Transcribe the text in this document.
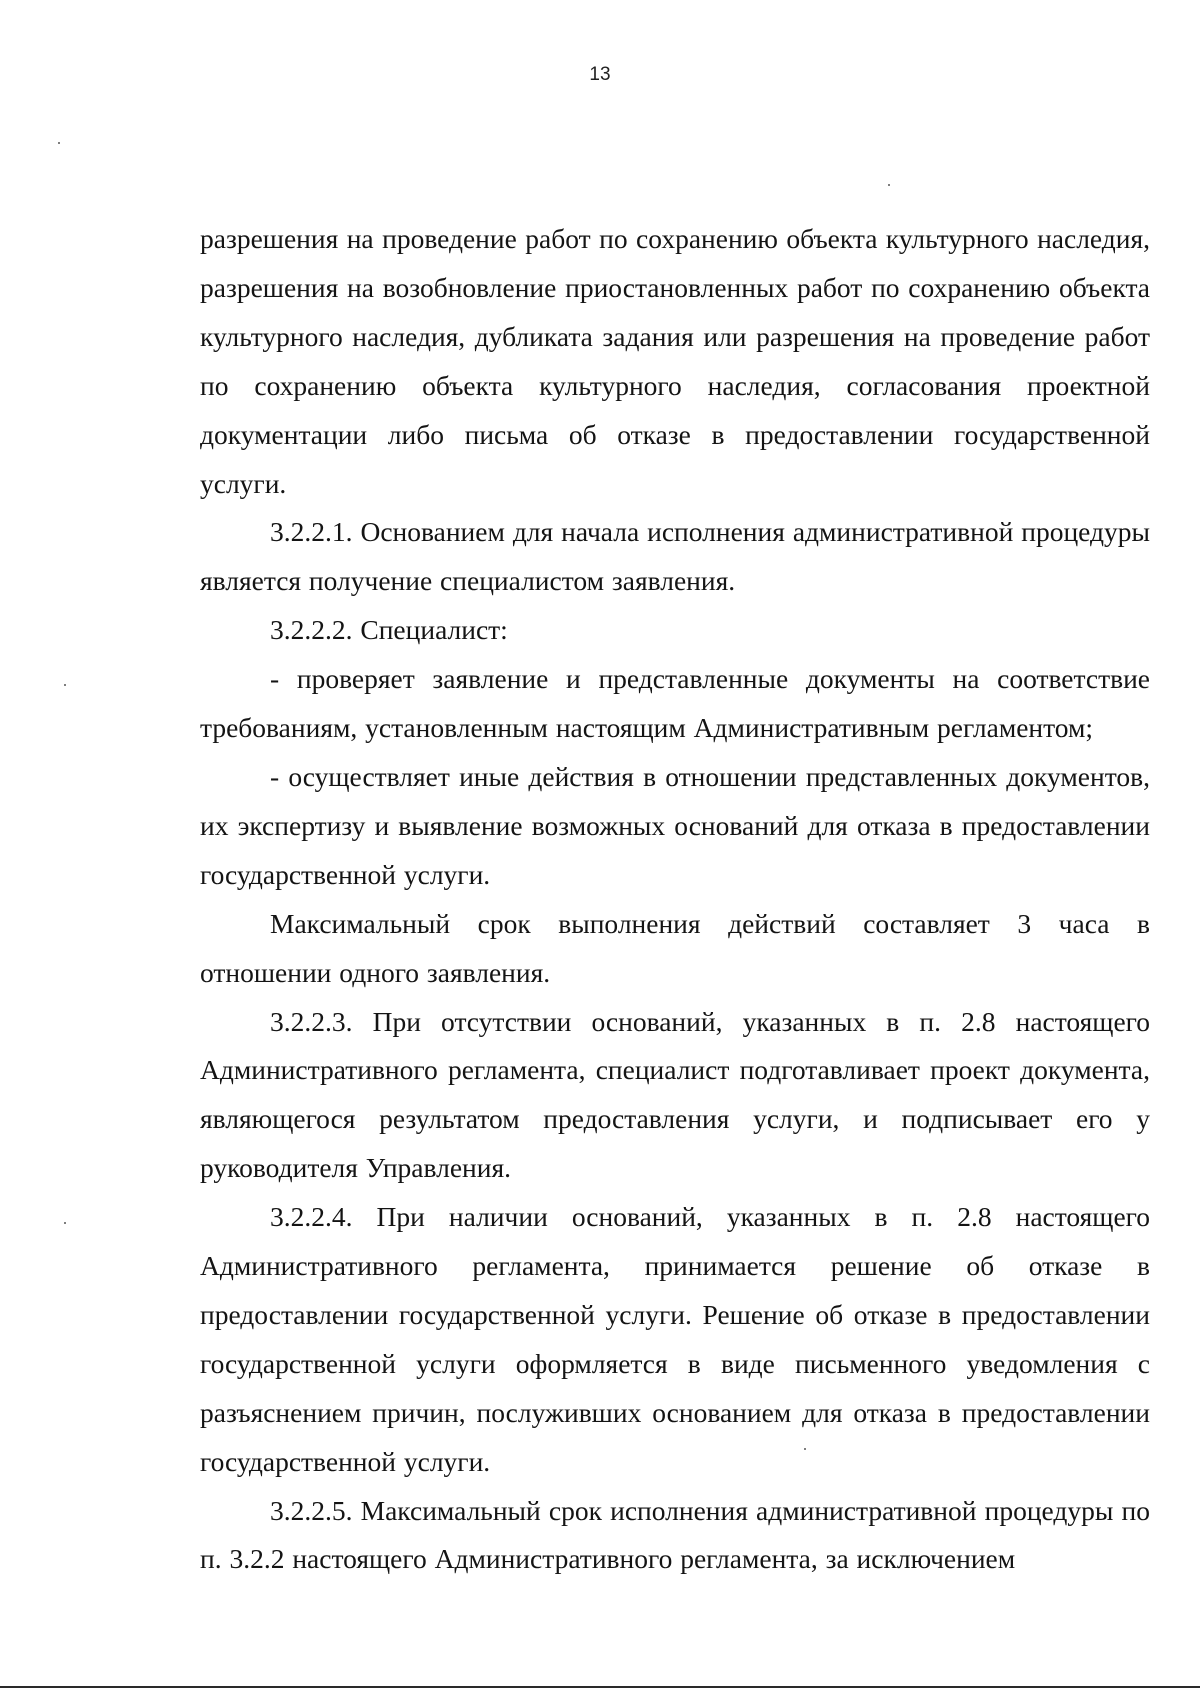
13

разрешения на проведение работ по сохранению объекта культурного наследия, разрешения на возобновление приостановленных работ по сохранению объекта культурного наследия, дубликата задания или разрешения на проведение работ по сохранению объекта культурного наследия, согласования проектной документации либо письма об отказе в предоставлении государственной услуги.

3.2.2.1. Основанием для начала исполнения административной процедуры является получение специалистом заявления.

3.2.2.2. Специалист:

- проверяет заявление и представленные документы на соответствие требованиям, установленным настоящим Административным регламентом;

- осуществляет иные действия в отношении представленных документов, их экспертизу и выявление возможных оснований для отказа в предоставлении государственной услуги.

Максимальный срок выполнения действий составляет 3 часа в отношении одного заявления.

3.2.2.3. При отсутствии оснований, указанных в п. 2.8 настоящего Административного регламента, специалист подготавливает проект документа, являющегося результатом предоставления услуги, и подписывает его у руководителя Управления.

3.2.2.4. При наличии оснований, указанных в п. 2.8 настоящего Административного регламента, принимается решение об отказе в предоставлении государственной услуги. Решение об отказе в предоставлении государственной услуги оформляется в виде письменного уведомления с разъяснением причин, послуживших основанием для отказа в предоставлении государственной услуги.

3.2.2.5. Максимальный срок исполнения административной процедуры по п. 3.2.2 настоящего Административного регламента, за исключением
